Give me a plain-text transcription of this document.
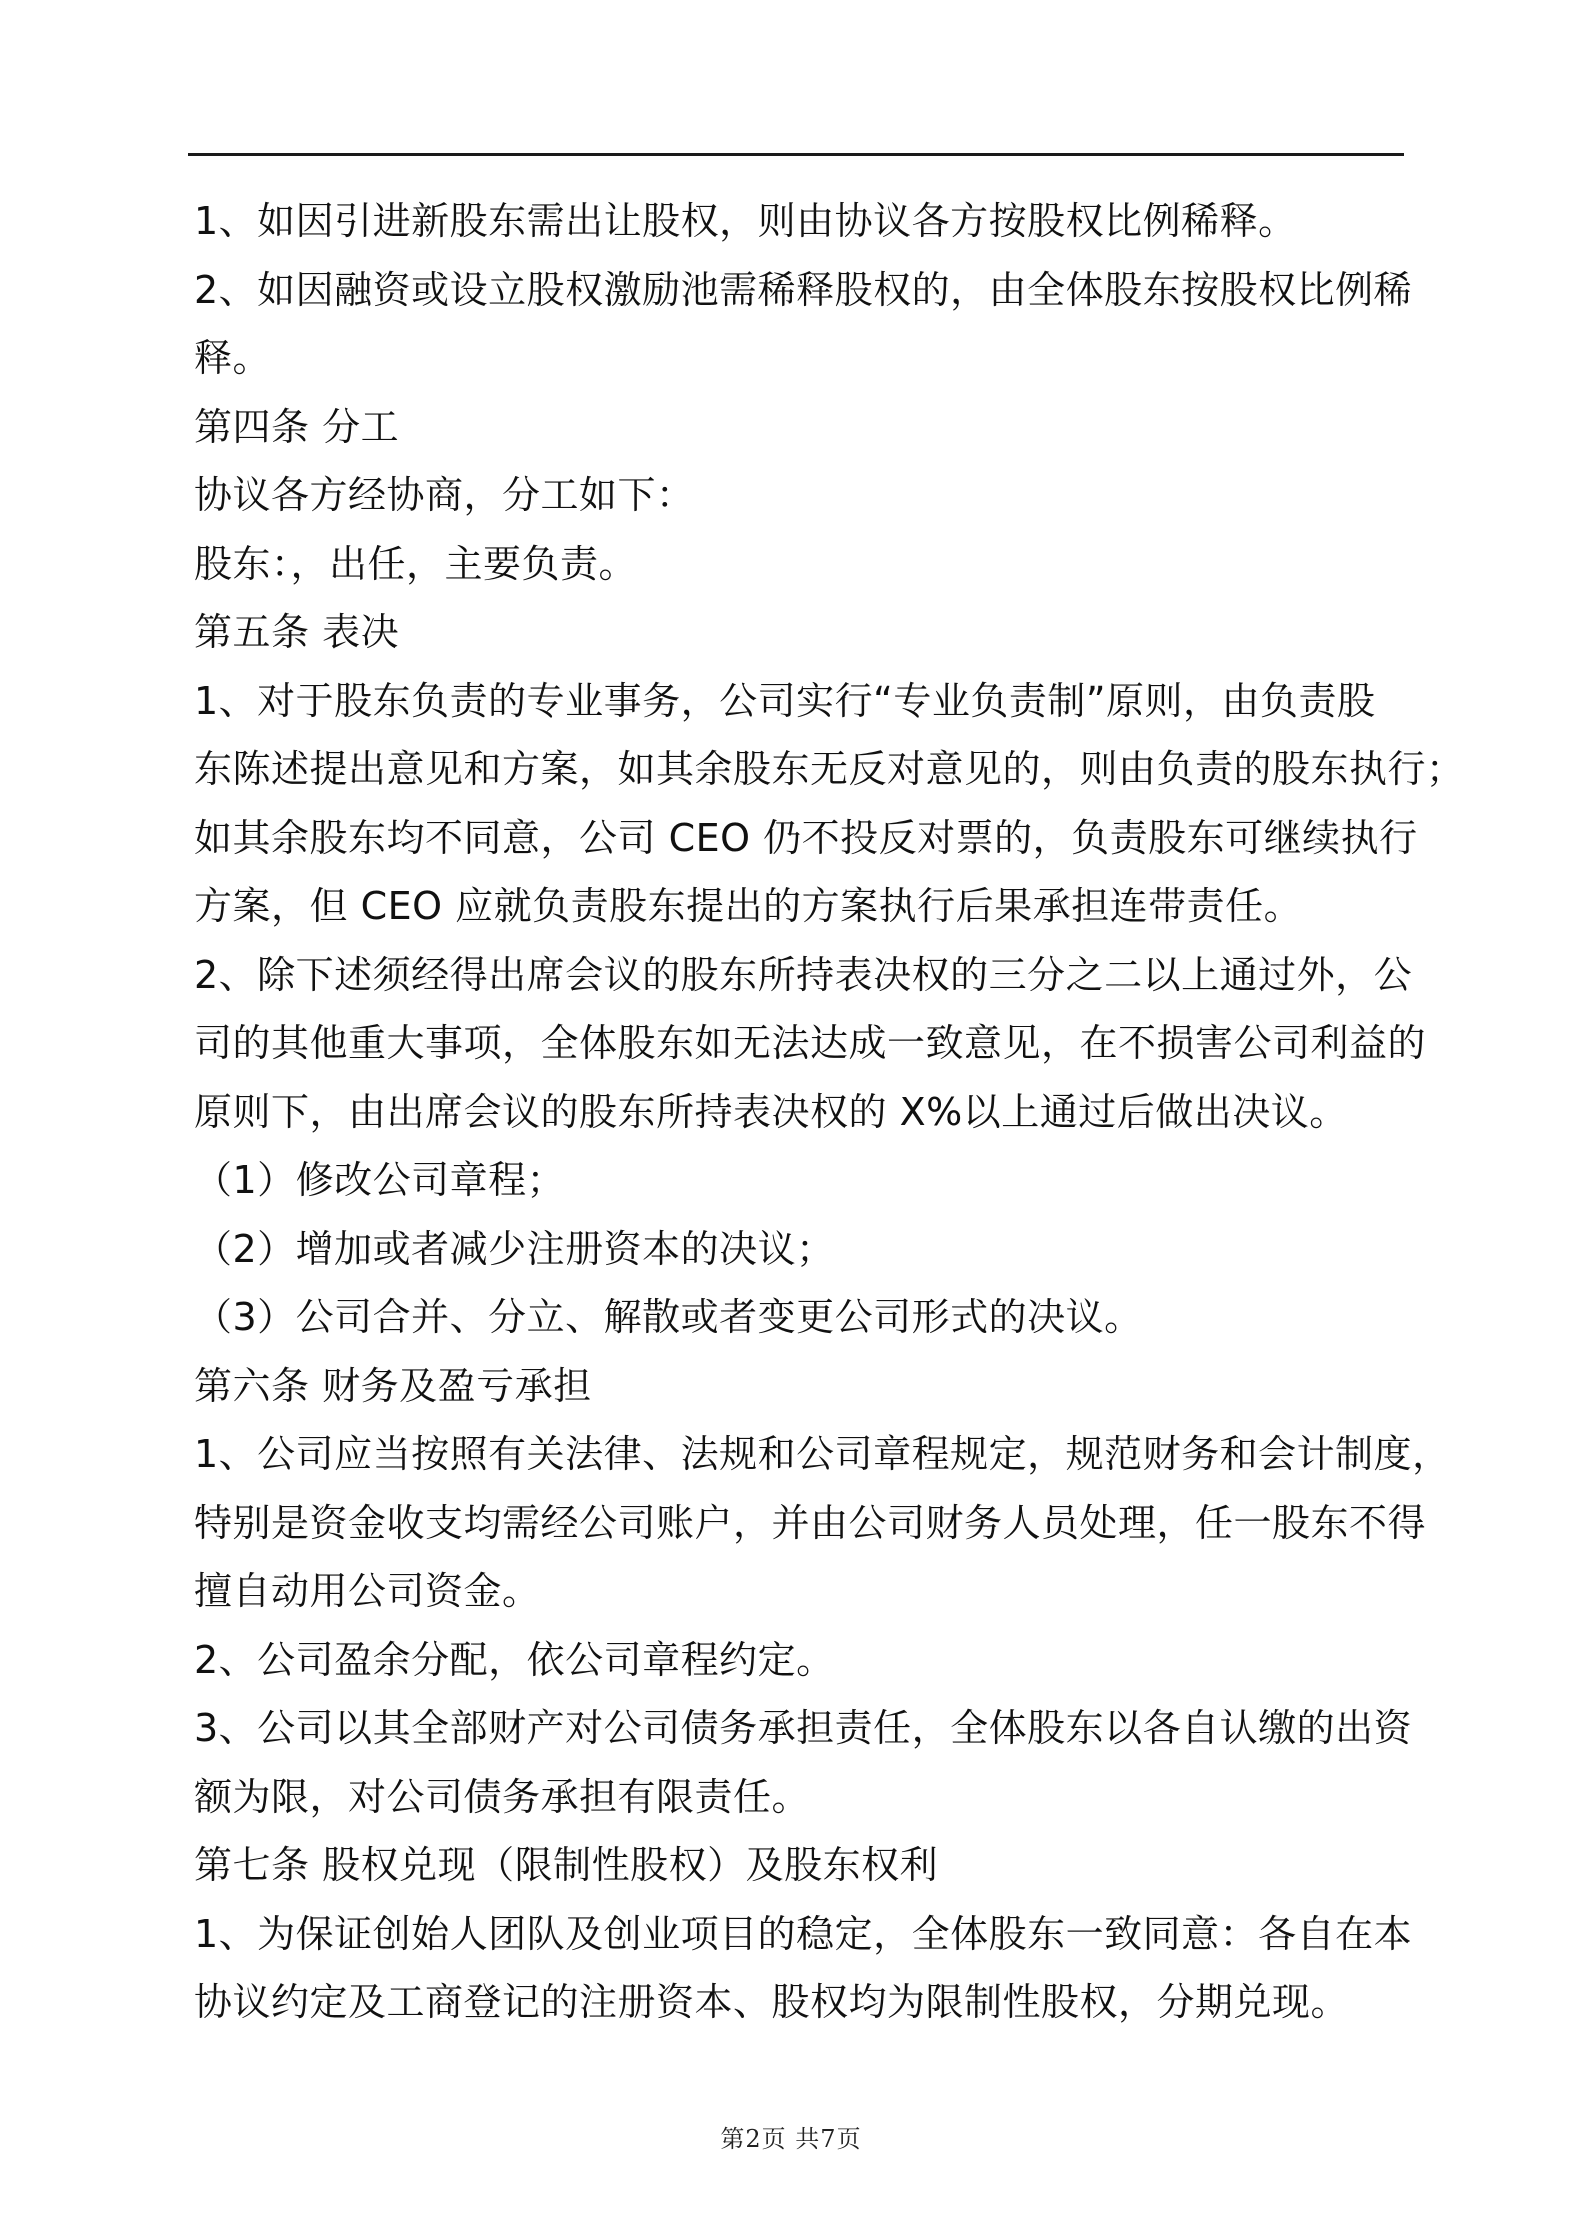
1、如因引进新股东需出让股权，则由协议各方按股权比例稀释。

2、如因融资或设立股权激励池需稀释股权的，由全体股东按股权比例稀

释。

第四条 分工

协议各方经协商，分工如下：

股东：，出任，主要负责。

第五条 表决

1、对于股东负责的专业事务，公司实行“专业负责制”原则，由负责股

东陈述提出意见和方案，如其余股东无反对意见的，则由负责的股东执行；

如其余股东均不同意，公司 CEO 仍不投反对票的，负责股东可继续执行

方案，但 CEO 应就负责股东提出的方案执行后果承担连带责任。

2、除下述须经得出席会议的股东所持表决权的三分之二以上通过外，公

司的其他重大事项，全体股东如无法达成一致意见，在不损害公司利益的

原则下，由出席会议的股东所持表决权的 X%以上通过后做出决议。

（1）修改公司章程；

（2）增加或者减少注册资本的决议；

（3）公司合并、分立、解散或者变更公司形式的决议。

第六条 财务及盈亏承担

1、公司应当按照有关法律、法规和公司章程规定，规范财务和会计制度，

特别是资金收支均需经公司账户，并由公司财务人员处理，任一股东不得

擅自动用公司资金。

2、公司盈余分配，依公司章程约定。

3、公司以其全部财产对公司债务承担责任，全体股东以各自认缴的出资

额为限，对公司债务承担有限责任。

第七条 股权兑现（限制性股权）及股东权利

1、为保证创始人团队及创业项目的稳定，全体股东一致同意：各自在本

协议约定及工商登记的注册资本、股权均为限制性股权，分期兑现。

第2页 共7页
